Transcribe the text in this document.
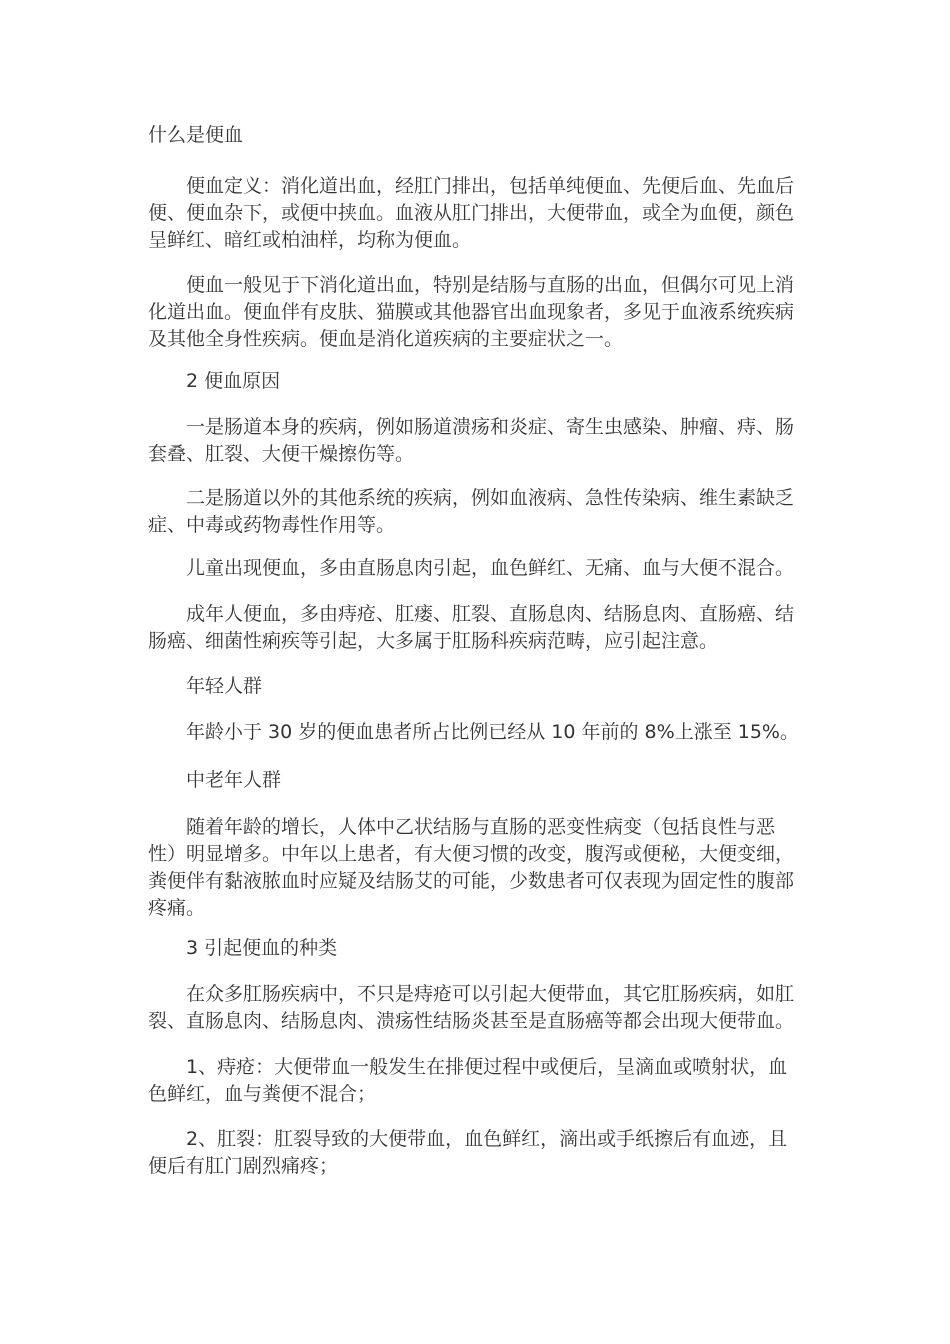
什么是便血
便血定义：消化道出血，经肛门排出，包括单纯便血、先便后血、先血后
便、便血杂下，或便中挟血。血液从肛门排出，大便带血，或全为血便，颜色
呈鲜红、暗红或柏油样，均称为便血。
便血一般见于下消化道出血，特别是结肠与直肠的出血，但偶尔可见上消
化道出血。便血伴有皮肤、猫膜或其他器官出血现象者，多见于血液系统疾病
及其他全身性疾病。便血是消化道疾病的主要症状之一。
2 便血原因
一是肠道本身的疾病，例如肠道溃疡和炎症、寄生虫感染、肿瘤、痔、肠
套叠、肛裂、大便干燥擦伤等。
二是肠道以外的其他系统的疾病，例如血液病、急性传染病、维生素缺乏
症、中毒或药物毒性作用等。
儿童出现便血，多由直肠息肉引起，血色鲜红、无痛、血与大便不混合。
成年人便血，多由痔疮、肛瘘、肛裂、直肠息肉、结肠息肉、直肠癌、结
肠癌、细菌性痢疾等引起，大多属于肛肠科疾病范畴，应引起注意。
年轻人群
年龄小于 30 岁的便血患者所占比例已经从 10 年前的 8%上涨至 15%。
中老年人群
随着年龄的增长，人体中乙状结肠与直肠的恶变性病变（包括良性与恶
性）明显增多。中年以上患者，有大便习惯的改变，腹泻或便秘，大便变细，
粪便伴有黏液脓血时应疑及结肠艾的可能，少数患者可仅表现为固定性的腹部
疼痛。
3 引起便血的种类
在众多肛肠疾病中，不只是痔疮可以引起大便带血，其它肛肠疾病，如肛
裂、直肠息肉、结肠息肉、溃疡性结肠炎甚至是直肠癌等都会出现大便带血。
1、痔疮：大便带血一般发生在排便过程中或便后，呈滴血或喷射状，血
色鲜红，血与粪便不混合；
2、肛裂：肛裂导致的大便带血，血色鲜红，滴出或手纸擦后有血迹，且
便后有肛门剧烈痛疼；
